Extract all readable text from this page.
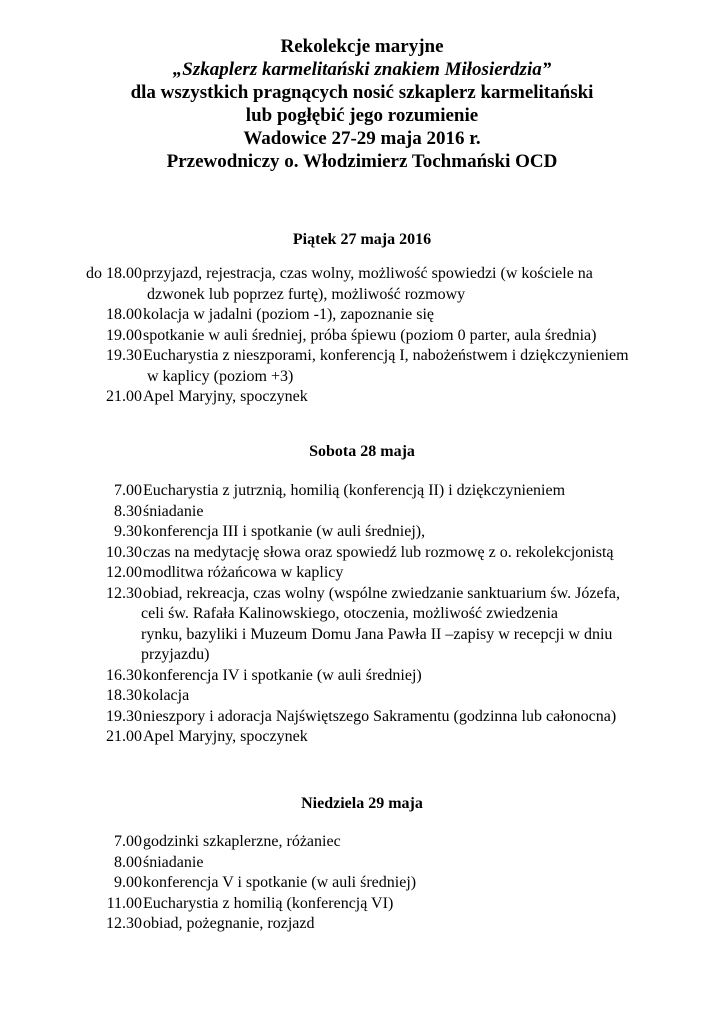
Rekolekcje maryjne
„Szkaplerz karmelitański znakiem Miłosierdzia”
dla wszystkich pragnących nosić szkaplerz karmelitański
lub pogłębić jego rozumienie
Wadowice 27-29 maja 2016 r.
Przewodniczy o. Włodzimierz Tochmański OCD
Piątek 27 maja 2016
do 18.00 przyjazd, rejestracja, czas wolny, możliwość spowiedzi (w kościele na
dzwonek lub poprzez furtę), możliwość rozmowy
18.00 kolacja w jadalni (poziom -1), zapoznanie się
19.00 spotkanie w auli średniej, próba śpiewu (poziom 0 parter, aula średnia)
19.30 Eucharystia z nieszporami, konferencją I, nabożeństwem i dziękczynieniem
w kaplicy (poziom +3)
21.00 Apel Maryjny, spoczynek
Sobota 28 maja
7.00 Eucharystia z jutrznią, homilią (konferencją II) i dziękczynieniem
8.30 śniadanie
9.30 konferencja III i spotkanie (w auli średniej),
10.30 czas na medytację słowa oraz spowiedź lub rozmowę z o. rekolekcjonistą
12.00 modlitwa różańcowa w kaplicy
12.30 obiad, rekreacja, czas wolny (wspólne zwiedzanie sanktuarium św. Józefa,
celi św. Rafała Kalinowskiego, otoczenia, możliwość zwiedzenia
rynku, bazyliki i Muzeum Domu Jana Pawła II –zapisy w recepcji w dniu
przyjazdu)
16.30 konferencja IV i spotkanie (w auli średniej)
18.30 kolacja
19.30 nieszpory i adoracja Najświętszego Sakramentu (godzinna lub całonocna)
21.00 Apel Maryjny, spoczynek
Niedziela 29 maja
7.00 godzinki szkaplerzne, różaniec
8.00 śniadanie
9.00 konferencja V i spotkanie (w auli średniej)
11.00 Eucharystia z homilią (konferencją VI)
12.30 obiad, pożegnanie, rozjazd
